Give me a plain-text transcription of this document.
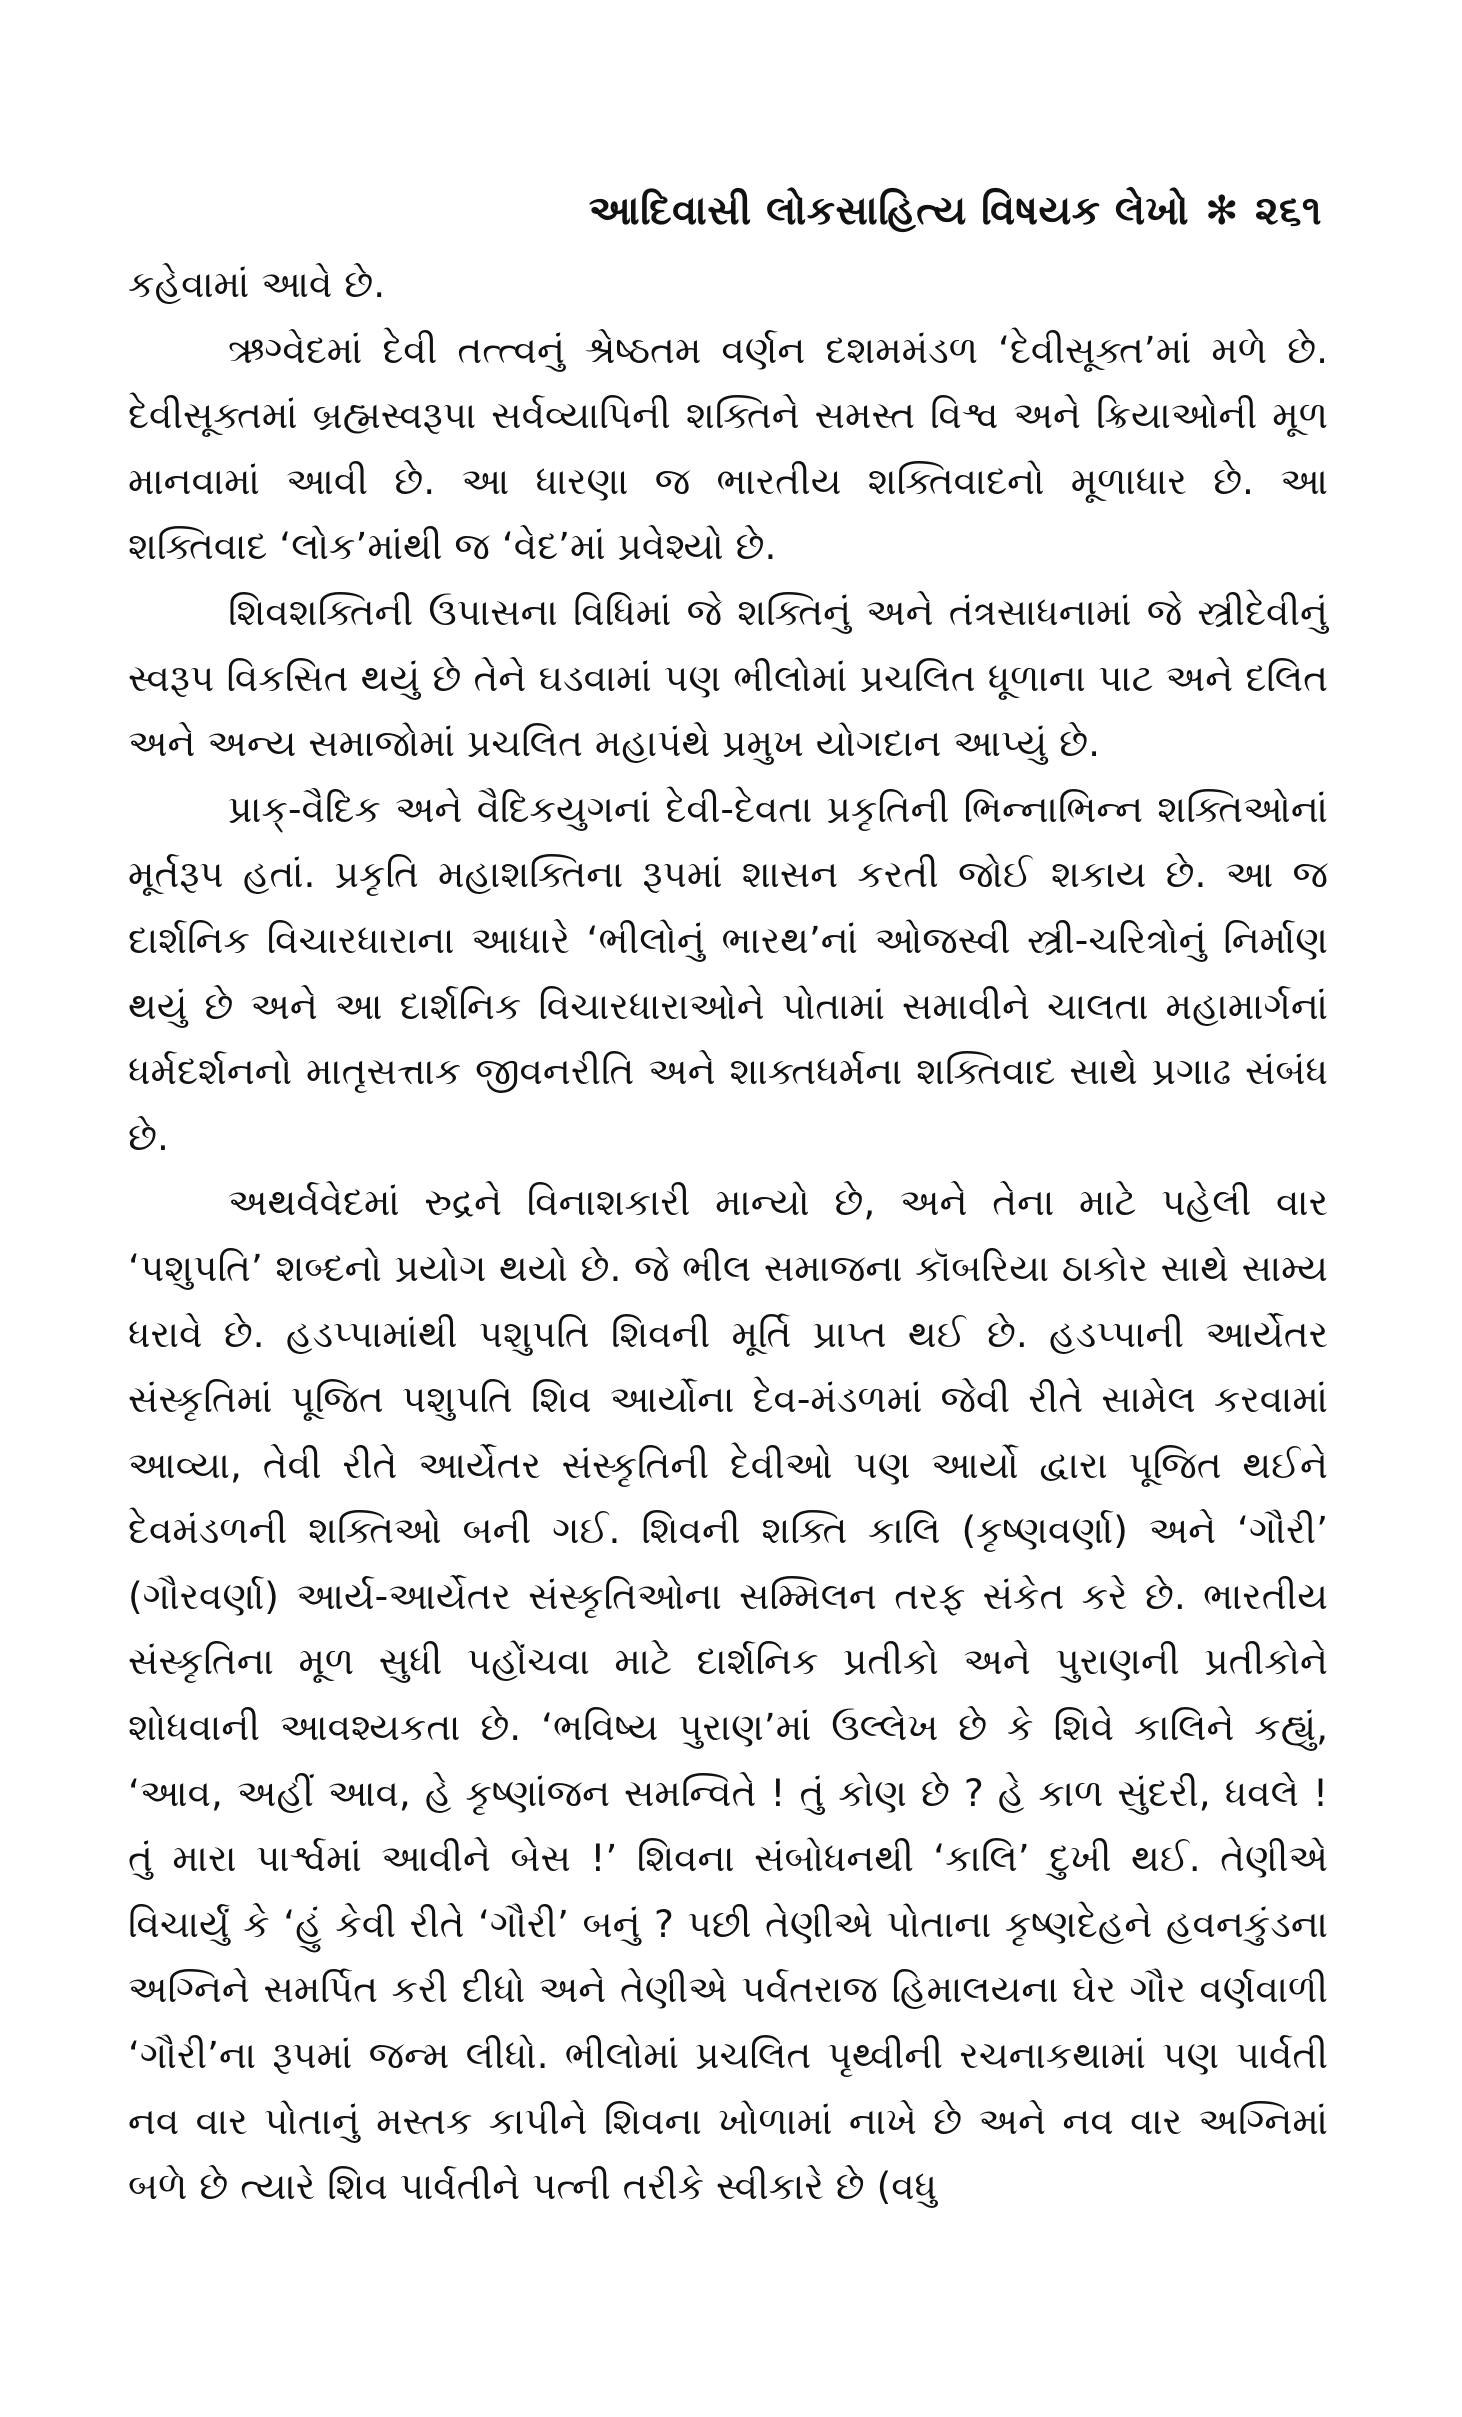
આદિવાસી લોકસાહિત્ય વિષયક લેખો ✻ ૨૬૧

કહેવામાં આવે છે.

ઋગ્વેદમાં દેવી તત્ત્વનું શ્રેષ્ઠતમ વર્ણન દશમમંડળ ‘દેવીસૂક્ત’માં મળે છે. દેવીસૂક્તમાં બ્રહ્મસ્વરૂપા સર્વવ્યાપિની શક્તિને સમસ્ત વિશ્વ અને ક્રિયાઓની મૂળ માનવામાં આવી છે. આ ધારણા જ ભારતીય શક્તિવાદનો મૂળાધાર છે. આ શક્તિવાદ ‘લોક’માંથી જ ‘વેદ’માં પ્રવેશ્યો છે.

શિવશક્તિની ઉપાસના વિધિમાં જે શક્તિનું અને તંત્રસાધનામાં જે સ્ત્રીદેવીનું સ્વરૂપ વિકસિત થયું છે તેને ઘડવામાં પણ ભીલોમાં પ્રચલિત ધૂળાના પાટ અને દલિત અને અન્ય સમાજોમાં પ્રચલિત મહાપંથે પ્રમુખ યોગદાન આપ્યું છે.

પ્રાક્-વૈદિક અને વૈદિકયુગનાં દેવી-દેવતા પ્રકૃતિની ભિન્નાભિન્ન શક્તિઓનાં મૂર્તરૂપ હતાં. પ્રકૃતિ મહાશક્તિના રૂપમાં શાસન કરતી જોઈ શકાય છે. આ જ દાર્શનિક વિચારધારાના આધારે ‘ભીલોનું ભારથ’નાં ઓજસ્વી સ્ત્રી-ચરિત્રોનું નિર્માણ થયું છે અને આ દાર્શનિક વિચારધારાઓને પોતામાં સમાવીને ચાલતા મહામાર્ગનાં ધર્મદર્શનનો માતૃસત્તાક જીવનરીતિ અને શાક્તધર્મના શક્તિવાદ સાથે પ્રગાઢ સંબંધ છે.

અથર્વવેદમાં રુદ્રને વિનાશકારી માન્યો છે, અને તેના માટે પહેલી વાર ‘પશુપતિ’ શબ્દનો પ્રયોગ થયો છે. જે ભીલ સમાજના કૉબરિયા ઠાકોર સાથે સામ્ય ધરાવે છે. હડપ્પામાંથી પશુપતિ શિવની મૂર્તિ પ્રાપ્ત થઈ છે. હડપ્પાની આર્યેતર સંસ્કૃતિમાં પૂજિત પશુપતિ શિવ આર્યોના દેવ-મંડળમાં જેવી રીતે સામેલ કરવામાં આવ્યા, તેવી રીતે આર્યેતર સંસ્કૃતિની દેવીઓ પણ આર્યો દ્વારા પૂજિત થઈને દેવમંડળની શક્તિઓ બની ગઈ. શિવની શક્તિ કાલિ (કૃષ્ણવર્ણા) અને ‘ગૌરી’ (ગૌરવર્ણા) આર્ય-આર્યેતર સંસ્કૃતિઓના સમ્મિલન તરફ સંકેત કરે છે. ભારતીય સંસ્કૃતિના મૂળ સુધી પહોંચવા માટે દાર્શનિક પ્રતીકો અને પુરાણની પ્રતીકોને શોધવાની આવશ્યકતા છે. ‘ભવિષ્ય પુરાણ’માં ઉલ્લેખ છે કે શિવે કાલિને કહ્યું, ‘આવ, અહીં આવ, હે કૃષ્ણાંજન સમન્વિતે ! તું કોણ છે ? હે કાળ સુંદરી, ધવલે ! તું મારા પાર્શ્વમાં આવીને બેસ !’ શિવના સંબોધનથી ‘કાલિ’ દુખી થઈ. તેણીએ વિચાર્યું કે ‘હું કેવી રીતે ‘ગૌરી’ બનું ? પછી તેણીએ પોતાના કૃષ્ણદેહને હવનકુંડના અગ્નિને સમર્પિત કરી દીધો અને તેણીએ પર્વતરાજ હિમાલયના ઘેર ગૌર વર્ણવાળી ‘ગૌરી’ના રૂપમાં જન્મ લીધો. ભીલોમાં પ્રચલિત પૃથ્વીની રચનાકથામાં પણ પાર્વતી નવ વાર પોતાનું મસ્તક કાપીને શિવના ખોળામાં નાખે છે અને નવ વાર અગ્નિમાં બળે છે ત્યારે શિવ પાર્વતીને પત્ની તરીકે સ્વીકારે છે (વધુ
